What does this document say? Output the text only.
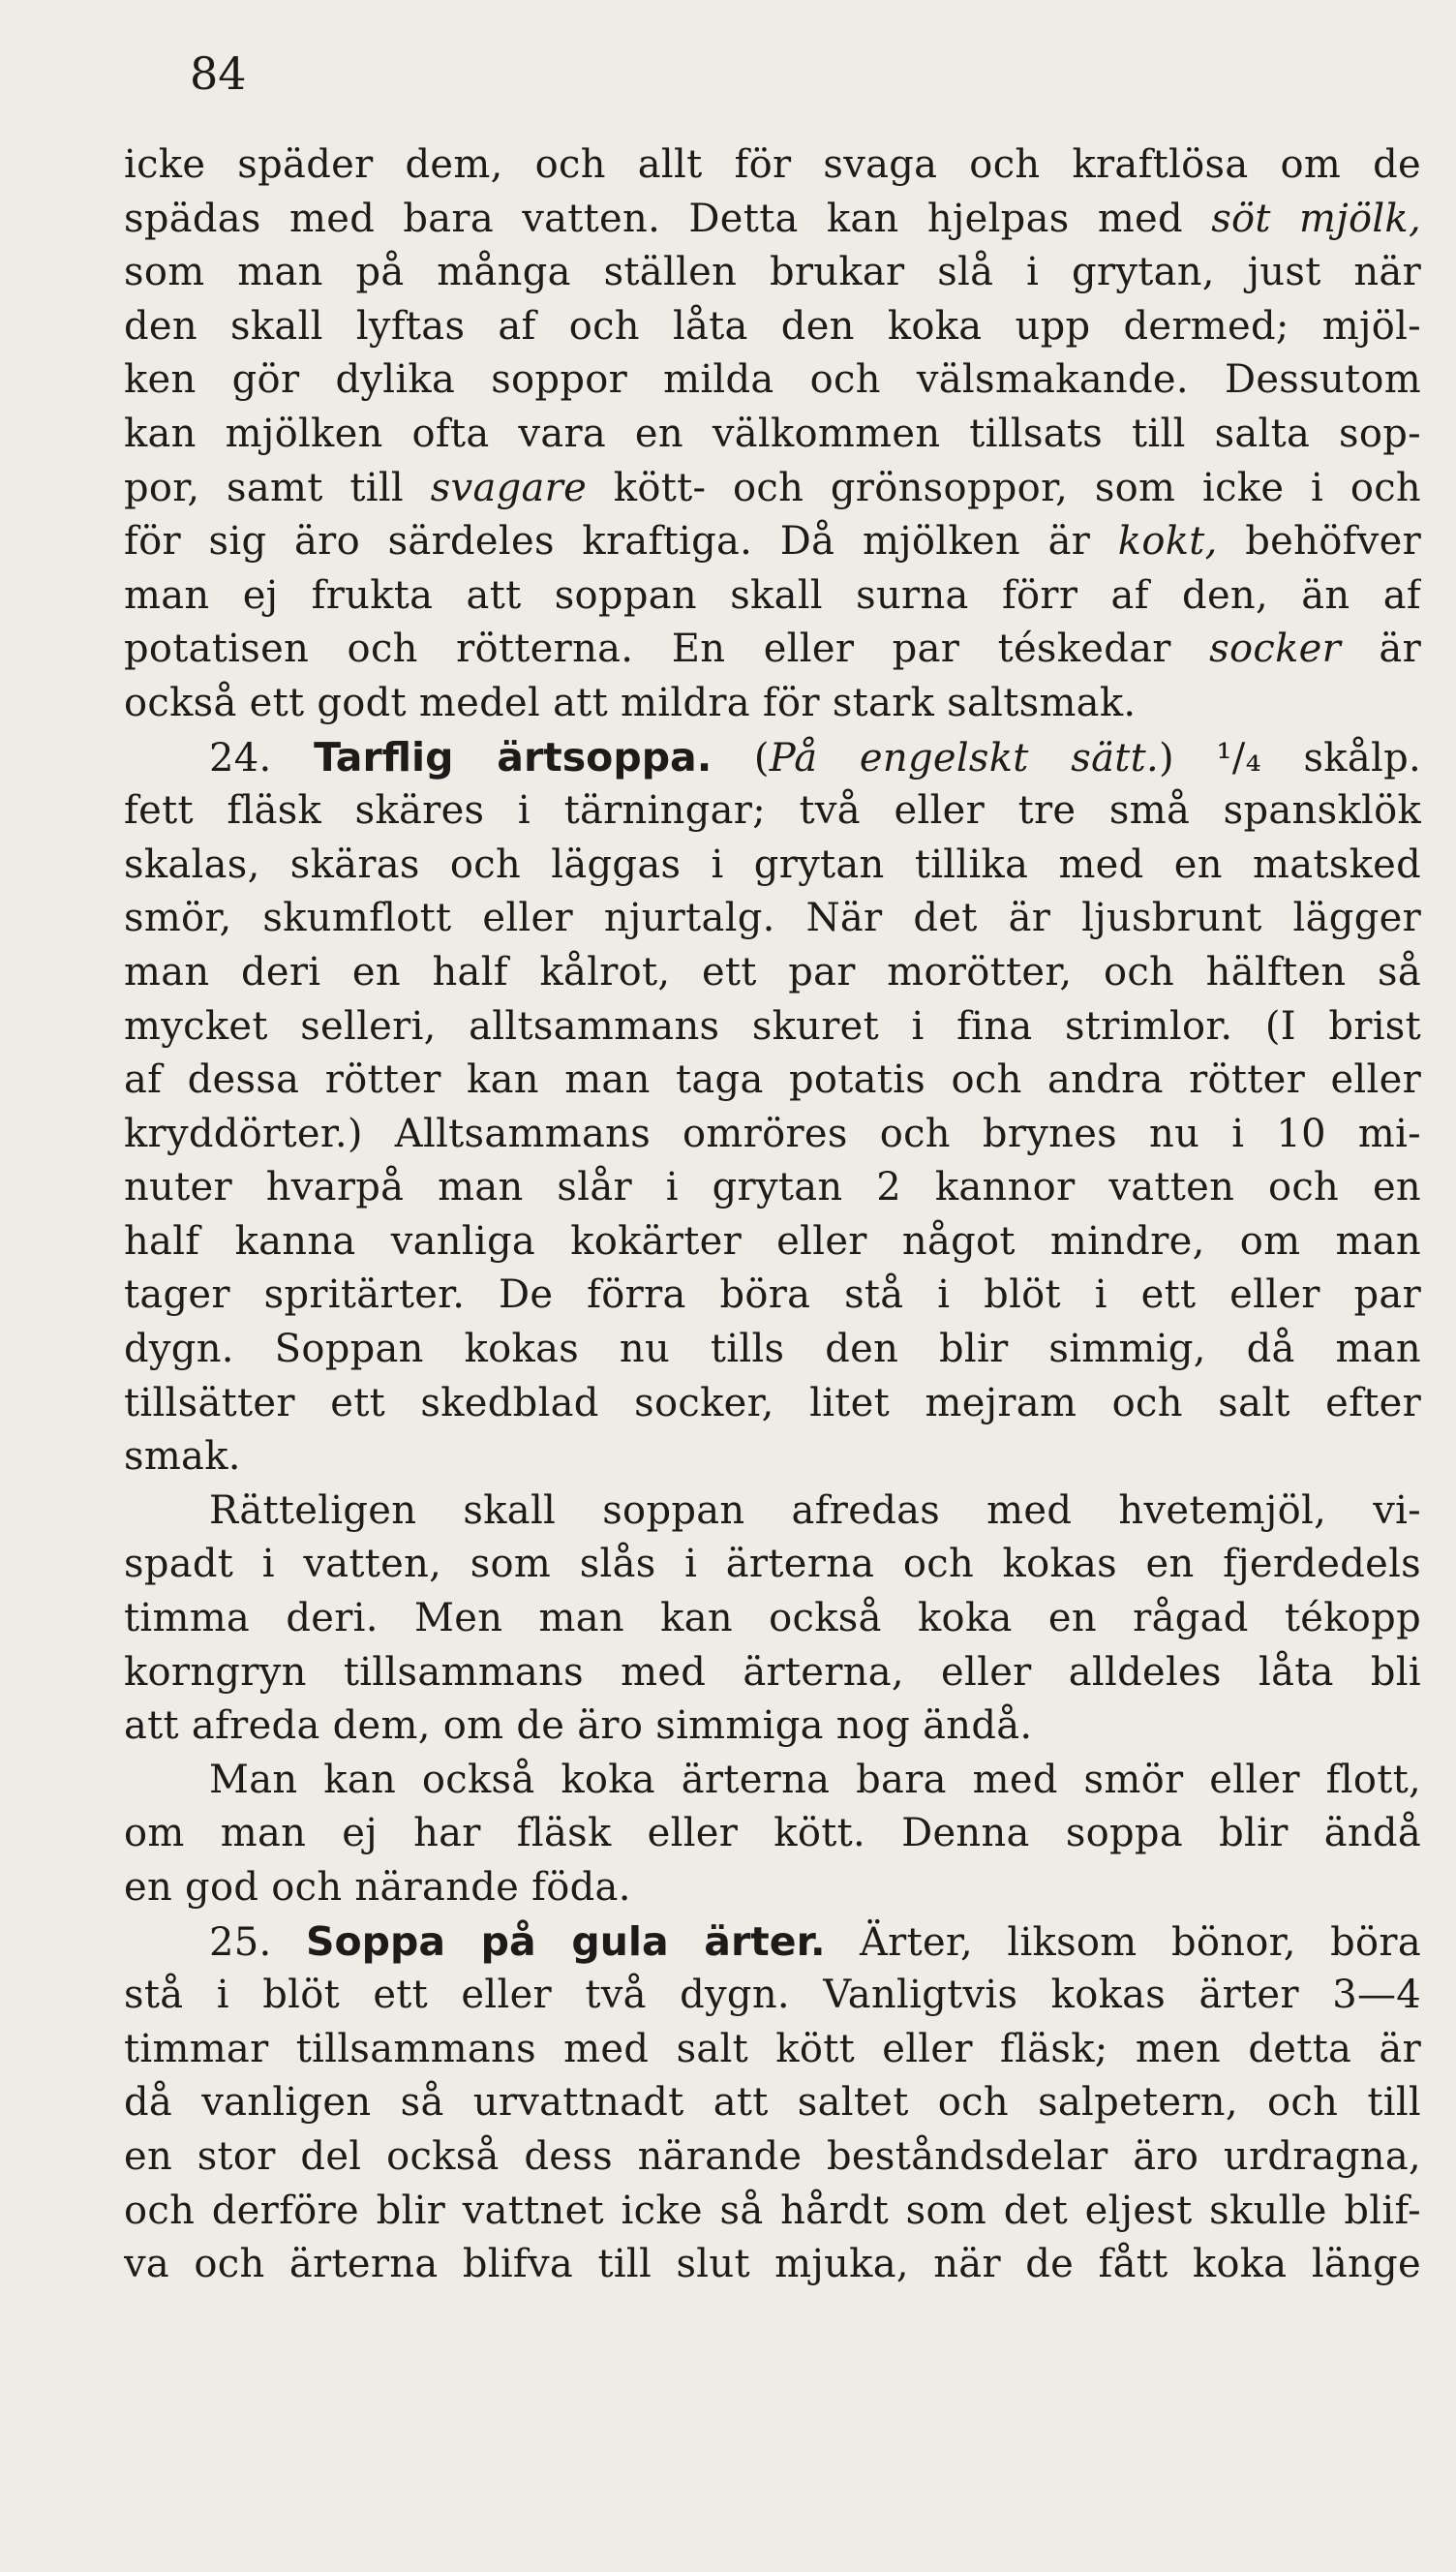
84
icke späder dem, och allt för svaga och kraftlösa om de
spädas med bara vatten. Detta kan hjelpas med söt mjölk,
som man på många ställen brukar slå i grytan, just när
den skall lyftas af och låta den koka upp dermed; mjöl-
ken gör dylika soppor milda och välsmakande. Dessutom
kan mjölken ofta vara en välkommen tillsats till salta sop-
por, samt till svagare kött- och grönsoppor, som icke i och
för sig äro särdeles kraftiga. Då mjölken är kokt, behöfver
man ej frukta att soppan skall surna förr af den, än af
potatisen och rötterna. En eller par téskedar socker är
också ett godt medel att mildra för stark saltsmak.
24. Tarflig ärtsoppa. (På engelskt sätt.) ¹/₄ skålp.
fett fläsk skäres i tärningar; två eller tre små spansklök
skalas, skäras och läggas i grytan tillika med en matsked
smör, skumflott eller njurtalg. När det är ljusbrunt lägger
man deri en half kålrot, ett par morötter, och hälften så
mycket selleri, alltsammans skuret i fina strimlor. (I brist
af dessa rötter kan man taga potatis och andra rötter eller
kryddörter.) Alltsammans omröres och brynes nu i 10 mi-
nuter hvarpå man slår i grytan 2 kannor vatten och en
half kanna vanliga kokärter eller något mindre, om man
tager spritärter. De förra böra stå i blöt i ett eller par
dygn. Soppan kokas nu tills den blir simmig, då man
tillsätter ett skedblad socker, litet mejram och salt efter
smak.
Rätteligen skall soppan afredas med hvetemjöl, vi-
spadt i vatten, som slås i ärterna och kokas en fjerdedels
timma deri. Men man kan också koka en rågad tékopp
korngryn tillsammans med ärterna, eller alldeles låta bli
att afreda dem, om de äro simmiga nog ändå.
Man kan också koka ärterna bara med smör eller flott,
om man ej har fläsk eller kött. Denna soppa blir ändå
en god och närande föda.
25. Soppa på gula ärter. Ärter, liksom bönor, böra
stå i blöt ett eller två dygn. Vanligtvis kokas ärter 3—4
timmar tillsammans med salt kött eller fläsk; men detta är
då vanligen så urvattnadt att saltet och salpetern, och till
en stor del också dess närande beståndsdelar äro urdragna,
och derföre blir vattnet icke så hårdt som det eljest skulle blif-
va och ärterna blifva till slut mjuka, när de fått koka länge
